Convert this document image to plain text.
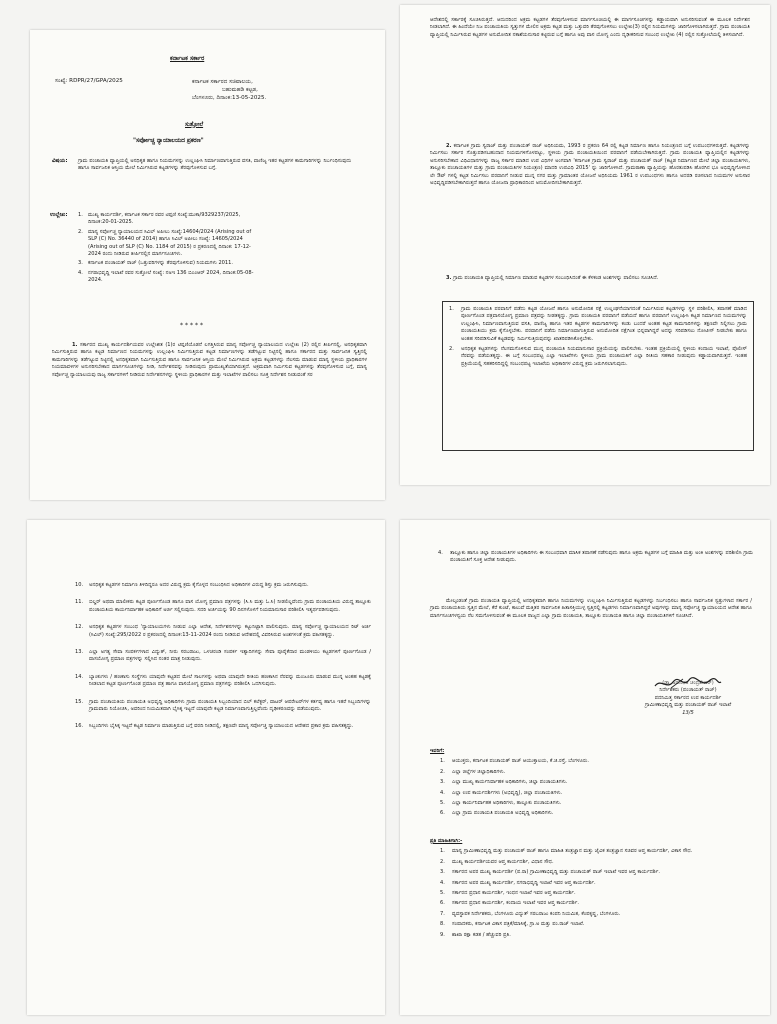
ಕರ್ನಾಟಕ ಸರ್ಕಾರ
ಸಂಖ್ಯೆ: RDPR/27/GPA/2025	ಕರ್ನಾಟಕ ಸರ್ಕಾರದ ಸಚಿವಾಲಯ,
ಬಹುಮಹಡಿ ಕಟ್ಟಡ,
ಬೆಂಗಳೂರು, ದಿನಾಂಕ:13-05-2025.
ಸುತ್ತೋಲೆ
"ಸರ್ವೋಚ್ಚ ನ್ಯಾಯಾಲಯದ ಪ್ರಕರಣ"
ವಿಷಯ: ಗ್ರಾಮ ಪಂಚಾಯತಿ ವ್ಯಾಪ್ತಿಯಲ್ಲಿ ಅನಧಿಕೃತ ಹಾಗೂ ನಿಯಮಗಳನ್ನು ಉಲ್ಲಂಘಿಸಿ ನಿರ್ಮಾಣವಾಗುತ್ತಿರುವ ವಸತಿ, ವಾಣಿಜ್ಯ ಇತರ ಕಟ್ಟಡಗಳ ಕಾಮಗಾರಿಗಳನ್ನು ನಿರ್ಬಂಧಿಸುವುದು ಹಾಗೂ ಸಾರ್ವಜನಿಕ ಆಸ್ತಿಯ ಮೇಲೆ ನಿರ್ಮಿಸಿರುವ ಕಟ್ಟಡಗಳನ್ನು ತೆರವುಗೊಳಿಸುವ ಬಗ್ಗೆ.
ಉಲ್ಲೇಖ: 1. ಮುಖ್ಯ ಕಾರ್ಯದರ್ಶಿ, ಕರ್ನಾಟಕ ಸರ್ಕಾರ ರವರ ಟಿಪ್ಪಣಿ ಸಂಖ್ಯೆ:ಮುಕಾ/9329237/2025, ದಿನಾಂಕ:20-01-2025.
2. ಮಾನ್ಯ ಸರ್ವೋಚ್ಚ ನ್ಯಾಯಾಲಯದ ಸಿವಿಲ್ ಅಪೀಲು ಸಂಖ್ಯೆ:14604/2024 (Arising out of SLP (C) No. 36440 of 2014) ಹಾಗೂ ಸಿವಿಲ್ ಅಪೀಲು ಸಂಖ್ಯೆ: 14605/2024 (Arising out of SLP (C) No. 1184 of 2015) ರ ಪ್ರಕರಣದಲ್ಲಿ ದಿನಾಂಕ: 17-12-2024 ರಂದು ನೀಡಿರುವ ತೀರ್ಪಿನಲ್ಲಿನ ಮಾರ್ಗಸೂಚಿಗಳು.
3. ಕರ್ನಾಟಕ ಪಂಚಾಯತ್ ರಾಜ್ (ಒತ್ತುವರಿಗಳನ್ನು ತೆರವುಗೊಳಿಸುವ) ನಿಯಮಗಳು 2011.
4. ನಗರಾಭಿವೃದ್ಧಿ ಇಲಾಖೆ ರವರ ಸುತ್ತೋಲೆ ಸಂಖ್ಯೆ: ನಅಇ 136 ಬಿಎಂಆರ್ 2024, ದಿನಾಂಕ:05-08-2024.
*****
1. ಸರ್ಕಾರದ ಮುಖ್ಯ ಕಾರ್ಯದರ್ಶಿಯವರ ಉಲ್ಲೇಖಿತ (1)ರ ಟಿಪ್ಪಣಿಯೊಡನೆ ಲಗತ್ತಿಸಿರುವ ಮಾನ್ಯ ಸರ್ವೋಚ್ಚ ನ್ಯಾಯಾಲಯದ ಉಲ್ಲೇಖ (2) ರಲ್ಲಿನ ತೀರ್ಪಿನಲ್ಲಿ, ಅನಧಿಕೃತವಾಗಿ ನಿರ್ಮಿಸುತ್ತಿರುವ ಹಾಗೂ ಕಟ್ಟಡ ನಿರ್ಮಾಣದ ನಿಯಮಗಳನ್ನು ಉಲ್ಲಂಘಿಸಿ ನಿರ್ಮಿಸುತ್ತಿರುವ ಕಟ್ಟಡ ನಿರ್ಮಾಣಗಳನ್ನು ತಡೆಗಟ್ಟುವ ನಿಟ್ಟಿನಲ್ಲಿ ಹಾಗೂ ಸರ್ಕಾರದ ಮತ್ತು ಸಾರ್ವಜನಿಕ ಸ್ವತ್ತಿನಲ್ಲಿ ಕಾಮಗಾರಿಗಳನ್ನು ತಡೆಗಟ್ಟುವ ನಿಟ್ಟಿನಲ್ಲಿ ಅನಧಿಕೃತವಾಗಿ ನಿರ್ಮಿಸುತ್ತಿರುವ ಹಾಗೂ ಸಾರ್ವಜನಿಕ ಆಸ್ತಿಯ ಮೇಲೆ ನಿರ್ಮಿಸಿರುವ ಅಕ್ರಮ ಕಟ್ಟಡಗಳನ್ನು ನೆಲಸಮ ಮಾಡುವ ಮಾನ್ಯ ಸ್ಥಳೀಯ ಪ್ರಾಧಿಕಾರಗಳ ನಿಯಮಾವಳಿಗಳ ಅನುಸರಿಸಬೇಕಾದ ಮಾರ್ಗಸೂಚಿಗಳನ್ನು ನೀಡಿ, ನಿರ್ದೇಶನವನ್ನು ನೀಡಿರುವುದು ಪ್ರಾಮುಖ್ಯತೆಯಾಗಿರುತ್ತದೆ. ಅಕ್ರಮವಾಗಿ ನಿರ್ಮಿಸುವ ಕಟ್ಟಡಗಳನ್ನು ತೆರವುಗೊಳಿಸುವ ಬಗ್ಗೆ, ಮಾನ್ಯ ಸರ್ವೋಚ್ಚ ನ್ಯಾಯಾಲಯವು ರಾಜ್ಯ ಸರ್ಕಾರಗಳಿಗೆ ನೀಡಿರುವ ನಿರ್ದೇಶನಗಳನ್ನು ಸ್ಥಳೀಯ ಪ್ರಾಧಿಕಾರಗಳ ಮತ್ತು ಇಲಾಖೆಗಳ ಪಾಲಿಸಲು ಸೂಕ್ತ ನಿರ್ದೇಶನ ನೀಡುವಂತೆ ಸರ
ಆದೇಶದಲ್ಲಿ ಸರ್ಕಾರಕ್ಕೆ ಸೂಚಿಸಿರುತ್ತದೆ. ಆದುದರಿಂದ ಅಕ್ರಮ ಕಟ್ಟಡಗಳ ತೆರವುಗೊಳಿಸುವ ಮಾರ್ಗಸೂಚಿಯಲ್ಲಿ ಈ ಮಾರ್ಗಸೂಚಿಗಳನ್ನು ಕಡ್ಡಾಯವಾಗಿ ಅನುಸರಿಸುವಂತೆ ಈ ಮೂಲಕ ನಿರ್ದೇಶನ ನೀಡಲಾಗಿದೆ. ಈ ಹಿಂದೆಯೇ ನಿಜ ಪಂಚಾಯತಿಯ ಸ್ವತ್ತುಗಳ ಮೇಲಿನ ಅಕ್ರಮ ಕಟ್ಟಡ ಮತ್ತು ಒತ್ತುವರಿ ತೆರವುಗೊಳಿಸಲು ಉಲ್ಲೇಖ(3) ರಲ್ಲಿನ ನಿಯಮಗಳನ್ನು ಜಾರಿಗೊಳಿಸಲಾಗಿರುತ್ತದೆ. ಗ್ರಾಮ ಪಂಚಾಯತಿ ವ್ಯಾಪ್ತಿಯಲ್ಲಿ ನಿರ್ಮಿಸಿರುವ ಕಟ್ಟಡಗಳ ಅನುಮೋದಿತ ನಕಾಶೆಯನುಸಾರ ಕಟ್ಟಿರುವ ಬಗ್ಗೆ ಹಾಗೂ ಅವು ವಾಸ ಯೋಗ್ಯ ಎಂದು ದೃಢೀಕರಿಸುವ ಸಂಬಂಧ ಉಲ್ಲೇಖ (4) ರಲ್ಲಿನ ಸುತ್ತೋಲೆಯಲ್ಲಿ ತಿಳಿಸಲಾಗಿದೆ.
2. ಕರ್ನಾಟಕ ಗ್ರಾಮ ಸ್ವರಾಜ್ ಮತ್ತು ಪಂಚಾಯತ್ ರಾಜ್ ಅಧಿನಿಯಮ, 1993 ರ ಪ್ರಕರಣ 64 ರಲ್ಲಿ ಕಟ್ಟಡ ನಿರ್ಮಾಣ ಹಾಗೂ ನಿಯಂತ್ರಣದ ಬಗ್ಗೆ ಉಪಬಂಧಗಳಿರುತ್ತವೆ. ಕಟ್ಟಡಗಳನ್ನು ನಿರ್ಮಿಸಲು ಸರ್ಕಾರ ಗೊತ್ತುಪಡಿಸಬಹುದಾದ ನಿಯಮಗಳಿಗೊಳಪಟ್ಟು, ಸ್ಥಳೀಯ ಗ್ರಾಮ ಪಂಚಾಯತಿಯಿಂದ ಪರವಾನಿಗೆ ಪಡೆಯಬೇಕಾಗಿರುತ್ತದೆ. ಗ್ರಾಮ ಪಂಚಾಯತಿ ವ್ಯಾಪ್ತಿಯಲ್ಲಿನ ಕಟ್ಟಡಗಳನ್ನು ಅನುಸರಿಸಬೇಕಾದ ವಿಧಿವಿಧಾನಗಳನ್ನು ರಾಜ್ಯ ಸರ್ಕಾರ ಮಾಡಿದ ಉಪ ವಿಧಿಗಳ ಅಂಗವಾಗಿ 'ಕರ್ನಾಟಕ ಗ್ರಾಮ ಸ್ವರಾಜ್ ಮತ್ತು ಪಂಚಾಯತ್ ರಾಜ್ (ಕಟ್ಟಡ ನಿರ್ಮಾಣದ ಮೇಲೆ ಜಿಲ್ಲಾ ಪಂಚಾಯತಿಗಳು, ತಾಲ್ಲೂಕು ಪಂಚಾಯತಿಗಳ ಮತ್ತು ಗ್ರಾಮ ಪಂಚಾಯತಿಗಳ ನಿಯಂತ್ರಣ) ಮಾದರಿ ಉಪವಿಧಿ 2015' ನ್ನು ಜಾರಿಗೊಳಿಸಿದೆ. ಗ್ರಾಮಠಾಣಾ ವ್ಯಾಪ್ತಿಯನ್ನು ಹೊರತುಪಡಿಸಿ ಹೊರಗಿನ ಭೂ ಅಭಿವೃದ್ಧಿಗೊಳಿಸಿದ ಲೇ ಔಟ್ ಗಳಲ್ಲಿ ಕಟ್ಟಡ ನಿರ್ಮಿಸಲು ಪರವಾನಿಗೆ ನೀಡುವ ಮುನ್ನ ನಗರ ಮತ್ತು ಗ್ರಾಮಾಂತರ ಯೋಜನೆ ಅಧಿನಿಯಮ 1961 ರ ಉಪಬಂಧಗಳು ಹಾಗೂ ಅದರಡಿ ರಚಿಸಲಾದ ನಿಯಮಗಳ ಅನುಸಾರ ಅಭಿವೃದ್ಧಿಪಡಿಸಬೇಕಾಗಿರುತ್ತದೆ ಹಾಗೂ ಯೋಜನಾ ಪ್ರಾಧಿಕಾರದಿಂದ ಅನುಮೋದಿಸಬೇಕಾಗಿರುತ್ತದೆ.
3. ಗ್ರಾಮ ಪಂಚಾಯತಿ ವ್ಯಾಪ್ತಿಯಲ್ಲಿ ನಿರ್ಮಾಣ ಮಾಡುವ ಕಟ್ಟಡಗಳ ಸಂಬಂಧಿಸಿದಂತೆ ಈ ಕೆಳಕಂಡ ಅಂಶಗಳನ್ನು ಪಾಲಿಸಲು ಸೂಚಿಸಿದೆ.
1. ಗ್ರಾಮ ಪಂಚಾಯತಿ ಪರವಾನಿಗೆ ಪಡೆದು ಕಟ್ಟಡ ಯೋಜನೆ ಹಾಗೂ ಅನುಮೋದಿತ ನಕ್ಷೆ ಉಲ್ಲಂಘನೆಯಾಗದಂತೆ ನಿರ್ಮಿಸಿರುವ ಕಟ್ಟಡಗಳನ್ನು ಸ್ಥಳ ಪರಿಶೀಲಿಸಿ, ತಪಾಸಣೆ ಮಾಡಿದ ಪೂರ್ಣಗೊಂಡ ಪತ್ರವಾಸಯೋಗ್ಯ ಪ್ರಮಾಣ ಪತ್ರವನ್ನು ನೀಡತಕ್ಕದ್ದು. ಗ್ರಾಮ ಪಂಚಾಯತಿ ಪರವಾನಿಗೆ ಪಡೆಯದೆ ಹಾಗೂ ಪರವಾನಿಗೆ ಉಲ್ಲಂಘಿಸಿ ಕಟ್ಟಡ ನಿರ್ಮಾಣದ ನಿಯಮಗಳನ್ನು ಉಲ್ಲಂಘಿಸಿ, ನಿರ್ಮಾಣವಾಗುತ್ತಿರುವ ವಸತಿ, ವಾಣಿಜ್ಯ ಹಾಗೂ ಇತರ ಕಟ್ಟಡಗಳ ಕಾಮಗಾರಿಗಳನ್ನು ಕಂಡು ಬಂದರೆ ಅಂತಹ ಕಟ್ಟಡ ಕಾಮಗಾರಿಗಳನ್ನು ತಕ್ಷಣವೇ ನಿಲ್ಲಿಸಲು ಗ್ರಾಮ ಪಂಚಾಯತಿಯು ಕ್ರಮ ಕೈಗೊಳ್ಳಬೇಕು. ಪರವಾನಿಗೆ ಪಡೆದು ನಿರ್ಮಾಣವಾಗುತ್ತಿರುವ ಅನುಮೋದಿತ ನಕ್ಷೆಗಿಂತ ಭಿನ್ನವಾಗಿದ್ದರೆ ಅದನ್ನು ಸರಿಪಡಿಸಲು ನೋಟೀಸ್ ನೀಡಬೇಕು ಹಾಗೂ ಅಂತಹ ಸರಿಪಡಿಸುವಿಕೆ ಕಟ್ಟಡವನ್ನು ನಿರ್ಮಿಸುತ್ತಿರುವುದನ್ನು ಖಾತರಿಪಡಿಸಿಕೊಳ್ಳಬೇಕು.
2. ಅನಧಿಕೃತ ಕಟ್ಟಡಗಳನ್ನು ನೆಲಸಮಗೊಳಿಸುವ ಮುನ್ನ ಪಂಚಾಯತಿ ನಿಯಮಾನುಸಾರ ಪ್ರಕ್ರಿಯೆಯನ್ನು ಪಾಲಿಸಬೇಕು. ಇಂತಹ ಪ್ರಕ್ರಿಯೆಯಲ್ಲಿ ಸ್ಥಳೀಯ ಕಂದಾಯ ಇಲಾಖೆ, ಪೊಲೀಸ್ ನೆರವನ್ನು ಪಡೆಯತಕ್ಕದ್ದು. ಈ ಬಗ್ಗೆ ಸಂಬಂಧಪಟ್ಟ ಎಲ್ಲಾ ಇಲಾಖೆಗಳು ಸ್ಥಳೀಯ ಗ್ರಾಮ ಪಂಚಾಯತಿಗೆ ಎಲ್ಲಾ ರೀತಿಯ ಸಹಕಾರ ನೀಡುವುದು ಕಡ್ಡಾಯವಾಗಿರುತ್ತದೆ. ಇಂತಹ ಪ್ರಕ್ರಿಯೆಯಲ್ಲಿ ಸಹಕರಿಸದಿದ್ದಲ್ಲಿ ಸಂಬಂಧಪಟ್ಟ ಇಲಾಖೆಯ ಅಧಿಕಾರಿಗಳ ವಿರುದ್ಧ ಕ್ರಮ ಜರುಗಿಸಲಾಗುವುದು.
10. ಅನಧಿಕೃತ ಕಟ್ಟಡಗಳ ನಿರ್ಮಾಣ ತಿಳಿದಿದ್ದರೂ ಅದರ ವಿರುದ್ಧ ಕ್ರಮ ಕೈಗೊಳ್ಳದ ಸಂಬಂಧಿಸಿದ ಅಧಿಕಾರಿಗಳ ವಿರುದ್ಧ ಶಿಸ್ತು ಕ್ರಮ ಜರುಗಿಸುವುದು.
11. ಬಿಲ್ಡರ್ ಅಥವಾ ಮಾಲೀಕರು ಕಟ್ಟಡ ಪೂರ್ಣಗೊಂಡ ಹಾಗೂ ವಾಸ ಯೋಗ್ಯ ಪ್ರಮಾಣ ಪತ್ರಗಳನ್ನು (ಸಿ.ಸಿ ಮತ್ತು ಓ.ಸಿ) ನೀಡಲಿಲ್ಲವೆಂದು ಗ್ರಾಮ ಪಂಚಾಯತಿಯ ವಿರುದ್ಧ ತಾಲ್ಲೂಕು ಪಂಚಾಯತಿಯ ಕಾರ್ಯನಿರ್ವಾಹಕ ಅಧಿಕಾರಿಗೆ ಅರ್ಜಿ ಸಲ್ಲಿಸುವುದು. ಸದರಿ ಅರ್ಜಿಯನ್ನು 90 ದಿನಗಳೊಳಗೆ ನಿಯಮಾನುಸಾರ ಪರಿಶೀಲಿಸಿ ಇತ್ಯರ್ಥಪಡಿಸುವುದು.
12. ಅನಧಿಕೃತ ಕಟ್ಟಡಗಳ ಸಂಬಂಧ 'ನ್ಯಾಯಾಲಯಗಳು ನೀಡುವ ಎಲ್ಲಾ ಆದೇಶ, ನಿರ್ದೇಶನಗಳನ್ನು ಕಟ್ಟುನಿಟ್ಟಾಗಿ ಪಾಲಿಸುವುದು. ಮಾನ್ಯ ಸರ್ವೋಚ್ಚ ನ್ಯಾಯಾಲಯದ ರಿಟ್ ಅರ್ಜಿ (ಸಿವಿಲ್) ಸಂಖ್ಯೆ:295/2022 ರ ಪ್ರಕರಣದಲ್ಲಿ ದಿನಾಂಕ:13-11-2024 ರಂದು ನೀಡಿರುವ ಆದೇಶದಲ್ಲಿ ವಿವರಿಸಿರುವ ಅಂಶಗಳಂತೆ ಕ್ರಮ ವಹಿಸತಕ್ಕದ್ದು.
13. ಎಲ್ಲಾ ಅಗತ್ಯ ಸೇವಾ ಸಂಪರ್ಕಗಳಾದ ವಿದ್ಯುತ್, ನೀರು ಸರಬರಾಜು, ಒಳಚರಂಡಿ ಸಂಪರ್ಕ ಇತ್ಯಾದಿಗಳನ್ನು ಸೇವಾ ಪೂರೈಕೆದಾರ ಮಂಡಳಿಯು ಕಟ್ಟಡಗಳಿಗೆ ಪೂರ್ಣಗೊಂಡ / ವಾಸಯೋಗ್ಯ ಪ್ರಮಾಣ ಪತ್ರಗಳನ್ನು ಸಲ್ಲಿಸಿದ ನಂತರ ಮಾತ್ರ ನೀಡುವುದು.
14. ಬ್ಯಾಂಕುಗಳು / ಹಣಕಾಸು ಸಂಸ್ಥೆಗಳು ಯಾವುದೇ ಕಟ್ಟಡದ ಮೇಲೆ ಸಾಲಗಳನ್ನು ಅಥವಾ ಯಾವುದೇ ರೀತಿಯ ಹಣಕಾಸಿನ ನೆರವನ್ನು ಮಂಜೂರು ಮಾಡುವ ಮುನ್ನ ಅಂತಹ ಕಟ್ಟಡಕ್ಕೆ ನೀಡಲಾದ ಕಟ್ಟಡ ಪೂರ್ಣಗೊಂಡ ಪ್ರಮಾಣ ಪತ್ರ ಹಾಗೂ ವಾಸಯೋಗ್ಯ ಪ್ರಮಾಣ ಪತ್ರಗಳನ್ನು ಪರಿಶೀಲಿಸಿ ಒದಗಿಸುವುದು.
15. ಗ್ರಾಮ ಪಂಚಾಯತಿಯ ಪಂಚಾಯತಿ ಅಭಿವೃದ್ಧಿ ಅಧಿಕಾರಿಗಳು ಗ್ರಾಮ ಪಂಚಾಯತಿ ಸಿಬ್ಬಂದಿಯಾದ ಬಿಲ್ ಕಲೆಕ್ಟರ್, ವಾಟರ್ ಆಪರೇಟರ್‌ಗಳ ಕರ್ತವ್ಯ ಹಾಗೂ ಇತರೆ ಸಿಬ್ಬಂದಿಗಳನ್ನು ಗ್ರಾಮವಾರು ನಿಯೋಜಿಸಿ, ಅವರಿಂದ ನಿಯಮಿತವಾಗಿ ಭೈಸಿಕ್ಕ ಇಟ್ಟದೆ ಯಾವುದೇ ಕಟ್ಟಡ ನಿರ್ಮಾಣವಾಗುತ್ತಿಲ್ಲವೆಂದು ದೃಢೀಕರಣವನ್ನು ಪಡೆಯುವುದು.
16. ಸಿಬ್ಬಂದಿಗಳು ಭೈಸಿಕ್ಕ ಇಟ್ಟದೆ ಕಟ್ಟಡ ನಿರ್ಮಾಣ ಮಾಡುತ್ತಿರುವ ಬಗ್ಗೆ ವರದಿ ನೀಡಿದಲ್ಲಿ, ತಕ್ಷಣವೇ ಮಾನ್ಯ ಸರ್ವೋಚ್ಚ ನ್ಯಾಯಾಲಯದ ಆದೇಶದ ಪ್ರಕಾರ ಕ್ರಮ ವಹಿಸತಕ್ಕದ್ದು.
4. ತಾಲ್ಲೂಕು ಹಾಗೂ ಜಿಲ್ಲಾ ಪಂಚಾಯತಿಗಳ ಅಧಿಕಾರಿಗಳು ಈ ಸಂಬಂಧವಾಗಿ ಮಾಸಿಕ ತಪಾಸಣೆ ನಡೆಸುವುದು ಹಾಗೂ ಅಕ್ರಮ ಕಟ್ಟಡಗಳ ಬಗ್ಗೆ ಮಾಹಿತಿ ಮತ್ತು ಅಂಕಿ ಅಂಶಗಳನ್ನು ಪರಿಶೀಲಿಸಿ ಗ್ರಾಮ ಪಂಚಾಯತಿಗೆ ಸೂಕ್ತ ಆದೇಶ ನೀಡುವುದು.
ಮೇಲ್ಕಂಡಂತೆ ಗ್ರಾಮ ಪಂಚಾಯತಿ ವ್ಯಾಪ್ತಿಯಲ್ಲಿ ಅನಧಿಕೃತವಾಗಿ ಹಾಗೂ ನಿಯಮಗಳನ್ನು ಉಲ್ಲಂಘಿಸಿ ನಿರ್ಮಿಸುತ್ತಿರುವ ಕಟ್ಟಡಗಳನ್ನು ನಿರ್ಬಂಧಿಸಲು ಹಾಗೂ ಸಾರ್ವಜನಿಕ ಸ್ವತ್ತುಗಳಾದ ಸರ್ಕಾರ / ಗ್ರಾಮ ಪಂಚಾಯತಿಯ ಸ್ವತ್ತಿನ ಮೇಲೆ, ಕೆರೆ ಕುಂಟೆ, ಕಾಲುವೆ ಮತ್ತಿತರ ಸಾರ್ವಜನಿಕ ಹಿತಾಸಕ್ತಿಯುಳ್ಳ ಸ್ವತ್ತಿನಲ್ಲಿ ಕಟ್ಟಡಗಳು ನಿರ್ಮಾಣವಾಗಿದ್ದರೆ ಅವುಗಳನ್ನು ಮಾನ್ಯ ಸರ್ವೋಚ್ಚ ನ್ಯಾಯಾಲಯದ ಆದೇಶ ಹಾಗೂ ಮಾರ್ಗಸೂಚಿಗಳನ್ವಯ ನೆಲ ಸಮಗೊಳಿಸುವಂತೆ ಈ ಮೂಲಕ ರಾಜ್ಯದ ಎಲ್ಲಾ ಗ್ರಾಮ ಪಂಚಾಯತಿ, ತಾಲ್ಲೂಕು ಪಂಚಾಯತಿ ಹಾಗೂ ಜಿಲ್ಲಾ ಪಂಚಾಯತಿಗಳಿಗೆ ಸೂಚಿಸಿದೆ.
(ಡಾ. ಅರುಂಧತಿ ಚಂದ್ರಶೇಖರ್)
ನಿರ್ದೇಶಕರು (ಪಂಚಾಯತ್ ರಾಜ್)
ಪದನಿಮಿತ್ತ ಸರ್ಕಾರದ ಉಪ ಕಾರ್ಯದರ್ಶಿ
ಗ್ರಾಮೀಣಾಭಿವೃದ್ಧಿ ಮತ್ತು ಪಂಚಾಯತ್ ರಾಜ್ ಇಲಾಖೆ
13/5
ಇವರಿಗೆ:
1. ಆಯುಕ್ತರು, ಕರ್ನಾಟಕ ಪಂಚಾಯತ್ ರಾಜ್ ಆಯುಕ್ತಾಲಯ, ಕೆ.ಜಿ.ರಸ್ತೆ, ಬೆಂಗಳೂರು.
2. ಎಲ್ಲಾ ಜಿಲ್ಲೆಗಳ ಜಿಲ್ಲಾಧಿಕಾರಿಗಳು.
3. ಎಲ್ಲಾ ಮುಖ್ಯ ಕಾರ್ಯನಿರ್ವಾಹಕ ಅಧಿಕಾರಿಗಳು, ಜಿಲ್ಲಾ ಪಂಚಾಯತಿಗಳು.
4. ಎಲ್ಲಾ ಉಪ ಕಾರ್ಯದರ್ಶಿಗಳು (ಅಭಿವೃದ್ಧಿ), ಜಿಲ್ಲಾ ಪಂಚಾಯತಿಗಳು.
5. ಎಲ್ಲಾ ಕಾರ್ಯನಿರ್ವಾಹಕ ಅಧಿಕಾರಿಗಳು, ತಾಲ್ಲೂಕು ಪಂಚಾಯತಿಗಳು.
6. ಎಲ್ಲಾ ಗ್ರಾಮ ಪಂಚಾಯತಿ ಪಂಚಾಯತಿ ಅಭಿವೃದ್ಧಿ ಅಧಿಕಾರಿಗಳು.
ಪ್ರತಿ ಮಾಹಿತಿಗಾಗಿ:-
1. ಮಾನ್ಯ ಗ್ರಾಮೀಣಾಭಿವೃದ್ಧಿ ಮತ್ತು ಪಂಚಾಯತ್ ರಾಜ್ ಹಾಗೂ ಮಾಹಿತಿ ತಂತ್ರಜ್ಞಾನ ಮತ್ತು ಜೈವಿಕ ತಂತ್ರಜ್ಞಾನ ಸಚಿವರ ಆಪ್ತ ಕಾರ್ಯದರ್ಶಿ, ವಿಕಾಸ ಸೌಧ.
2. ಮುಖ್ಯ ಕಾರ್ಯದರ್ಶಿಯವರ ಆಪ್ತ ಕಾರ್ಯದರ್ಶಿ, ವಿಧಾನ ಸೌಧ.
3. ಸರ್ಕಾರದ ಅಪರ ಮುಖ್ಯ ಕಾರ್ಯದರ್ಶಿ (ಪ.ರಾ) ಗ್ರಾಮೀಣಾಭಿವೃದ್ಧಿ ಮತ್ತು ಪಂಚಾಯತ್ ರಾಜ್ ಇಲಾಖೆ ಇವರ ಆಪ್ತ ಕಾರ್ಯದರ್ಶಿ.
4. ಸರ್ಕಾರದ ಅಪರ ಮುಖ್ಯ ಕಾರ್ಯದರ್ಶಿ, ನಗರಾಭಿವೃದ್ಧಿ ಇಲಾಖೆ ಇವರ ಆಪ್ತ ಕಾರ್ಯದರ್ಶಿ.
5. ಸರ್ಕಾರದ ಪ್ರಧಾನ ಕಾರ್ಯದರ್ಶಿ, ಇಂಧನ ಇಲಾಖೆ ಇವರ ಆಪ್ತ ಕಾರ್ಯದರ್ಶಿ.
6. ಸರ್ಕಾರದ ಪ್ರಧಾನ ಕಾರ್ಯದರ್ಶಿ, ಕಂದಾಯ ಇಲಾಖೆ ಇವರ ಆಪ್ತ ಕಾರ್ಯದರ್ಶಿ.
7. ವ್ಯವಸ್ಥಾಪಕ ನಿರ್ದೇಶಕರು, ಬೆಂಗಳೂರು ವಿದ್ಯುತ್ ಸರಬರಾಜು ಕಂಪನಿ ನಿಯಮಿತ, ಕೆಂಪಕೃಷ್ಣ, ಬೆಂಗಳೂರು.
8. ಸಂಪಾದಕರು, ಕರ್ನಾಟಕ ವಿಕಾಸ ಪತ್ರಿಕೆ/ಮಾಸಿಕ್ಕೆ, ಗ್ರಾ.ಅ ಮತ್ತು ಪಂ.ರಾಜ್ ಇಲಾಖೆ.
9. ಶಾಖಾ ರಕ್ಷಾ ಕಡತ / ಹೆಚ್ಚುವರಿ ಪ್ರತಿ.
